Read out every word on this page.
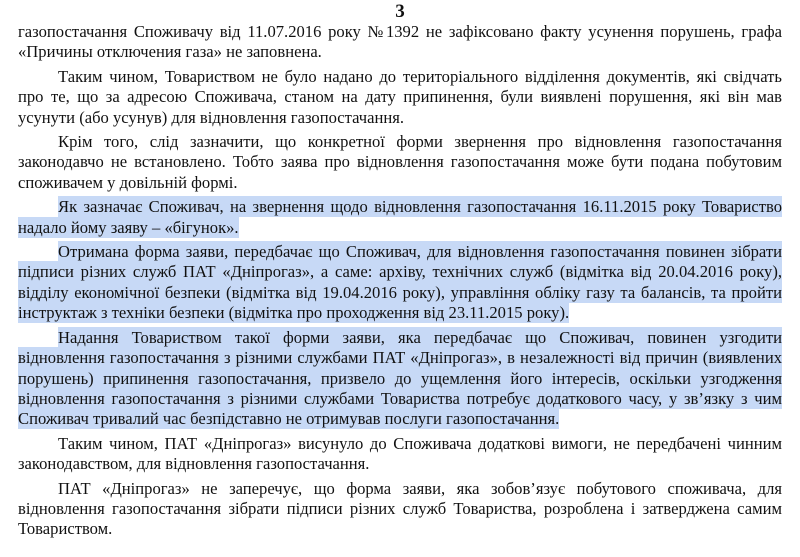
3

газопостачання Споживачу від 11.07.2016 року №1392 не зафіксовано факту усунення порушень, графа «Причины отключения газа» не заповнена.

Таким чином, Товариством не було надано до територіального відділення документів, які свідчать про те, що за адресою Споживача, станом на дату припинення, були виявлені порушення, які він мав усунути (або усунув) для відновлення газопостачання.

Крім того, слід зазначити, що конкретної форми звернення про відновлення газопостачання законодавчо не встановлено. Тобто заява про відновлення газопостачання може бути подана побутовим споживачем у довільній формі.

Як зазначає Споживач, на звернення щодо відновлення газопостачання 16.11.2015 року Товариство надало йому заяву – «бігунок».

Отримана форма заяви, передбачає що Споживач, для відновлення газопостачання повинен зібрати підписи різних служб ПАТ «Дніпрогаз», а саме: архіву, технічних служб (відмітка від 20.04.2016 року), відділу економічної безпеки (відмітка від 19.04.2016 року), управління обліку газу та балансів, та пройти інструктаж з техніки безпеки (відмітка про проходження від 23.11.2015 року).

Надання Товариством такої форми заяви, яка передбачає що Споживач, повинен узгодити відновлення газопостачання з різними службами ПАТ «Дніпрогаз», в незалежності від причин (виявлених порушень) припинення газопостачання, призвело до ущемлення його інтересів, оскільки узгодження відновлення газопостачання з різними службами Товариства потребує додаткового часу, у зв’язку з чим Споживач тривалий час безпідставно не отримував послуги газопостачання.

Таким чином, ПАТ «Дніпрогаз» висунуло до Споживача додаткові вимоги, не передбачені чинним законодавством, для відновлення газопостачання.

ПАТ «Дніпрогаз» не заперечує, що форма заяви, яка зобов’язує побутового споживача, для відновлення газопостачання зібрати підписи різних служб Товариства, розроблена і затверджена самим Товариством.
